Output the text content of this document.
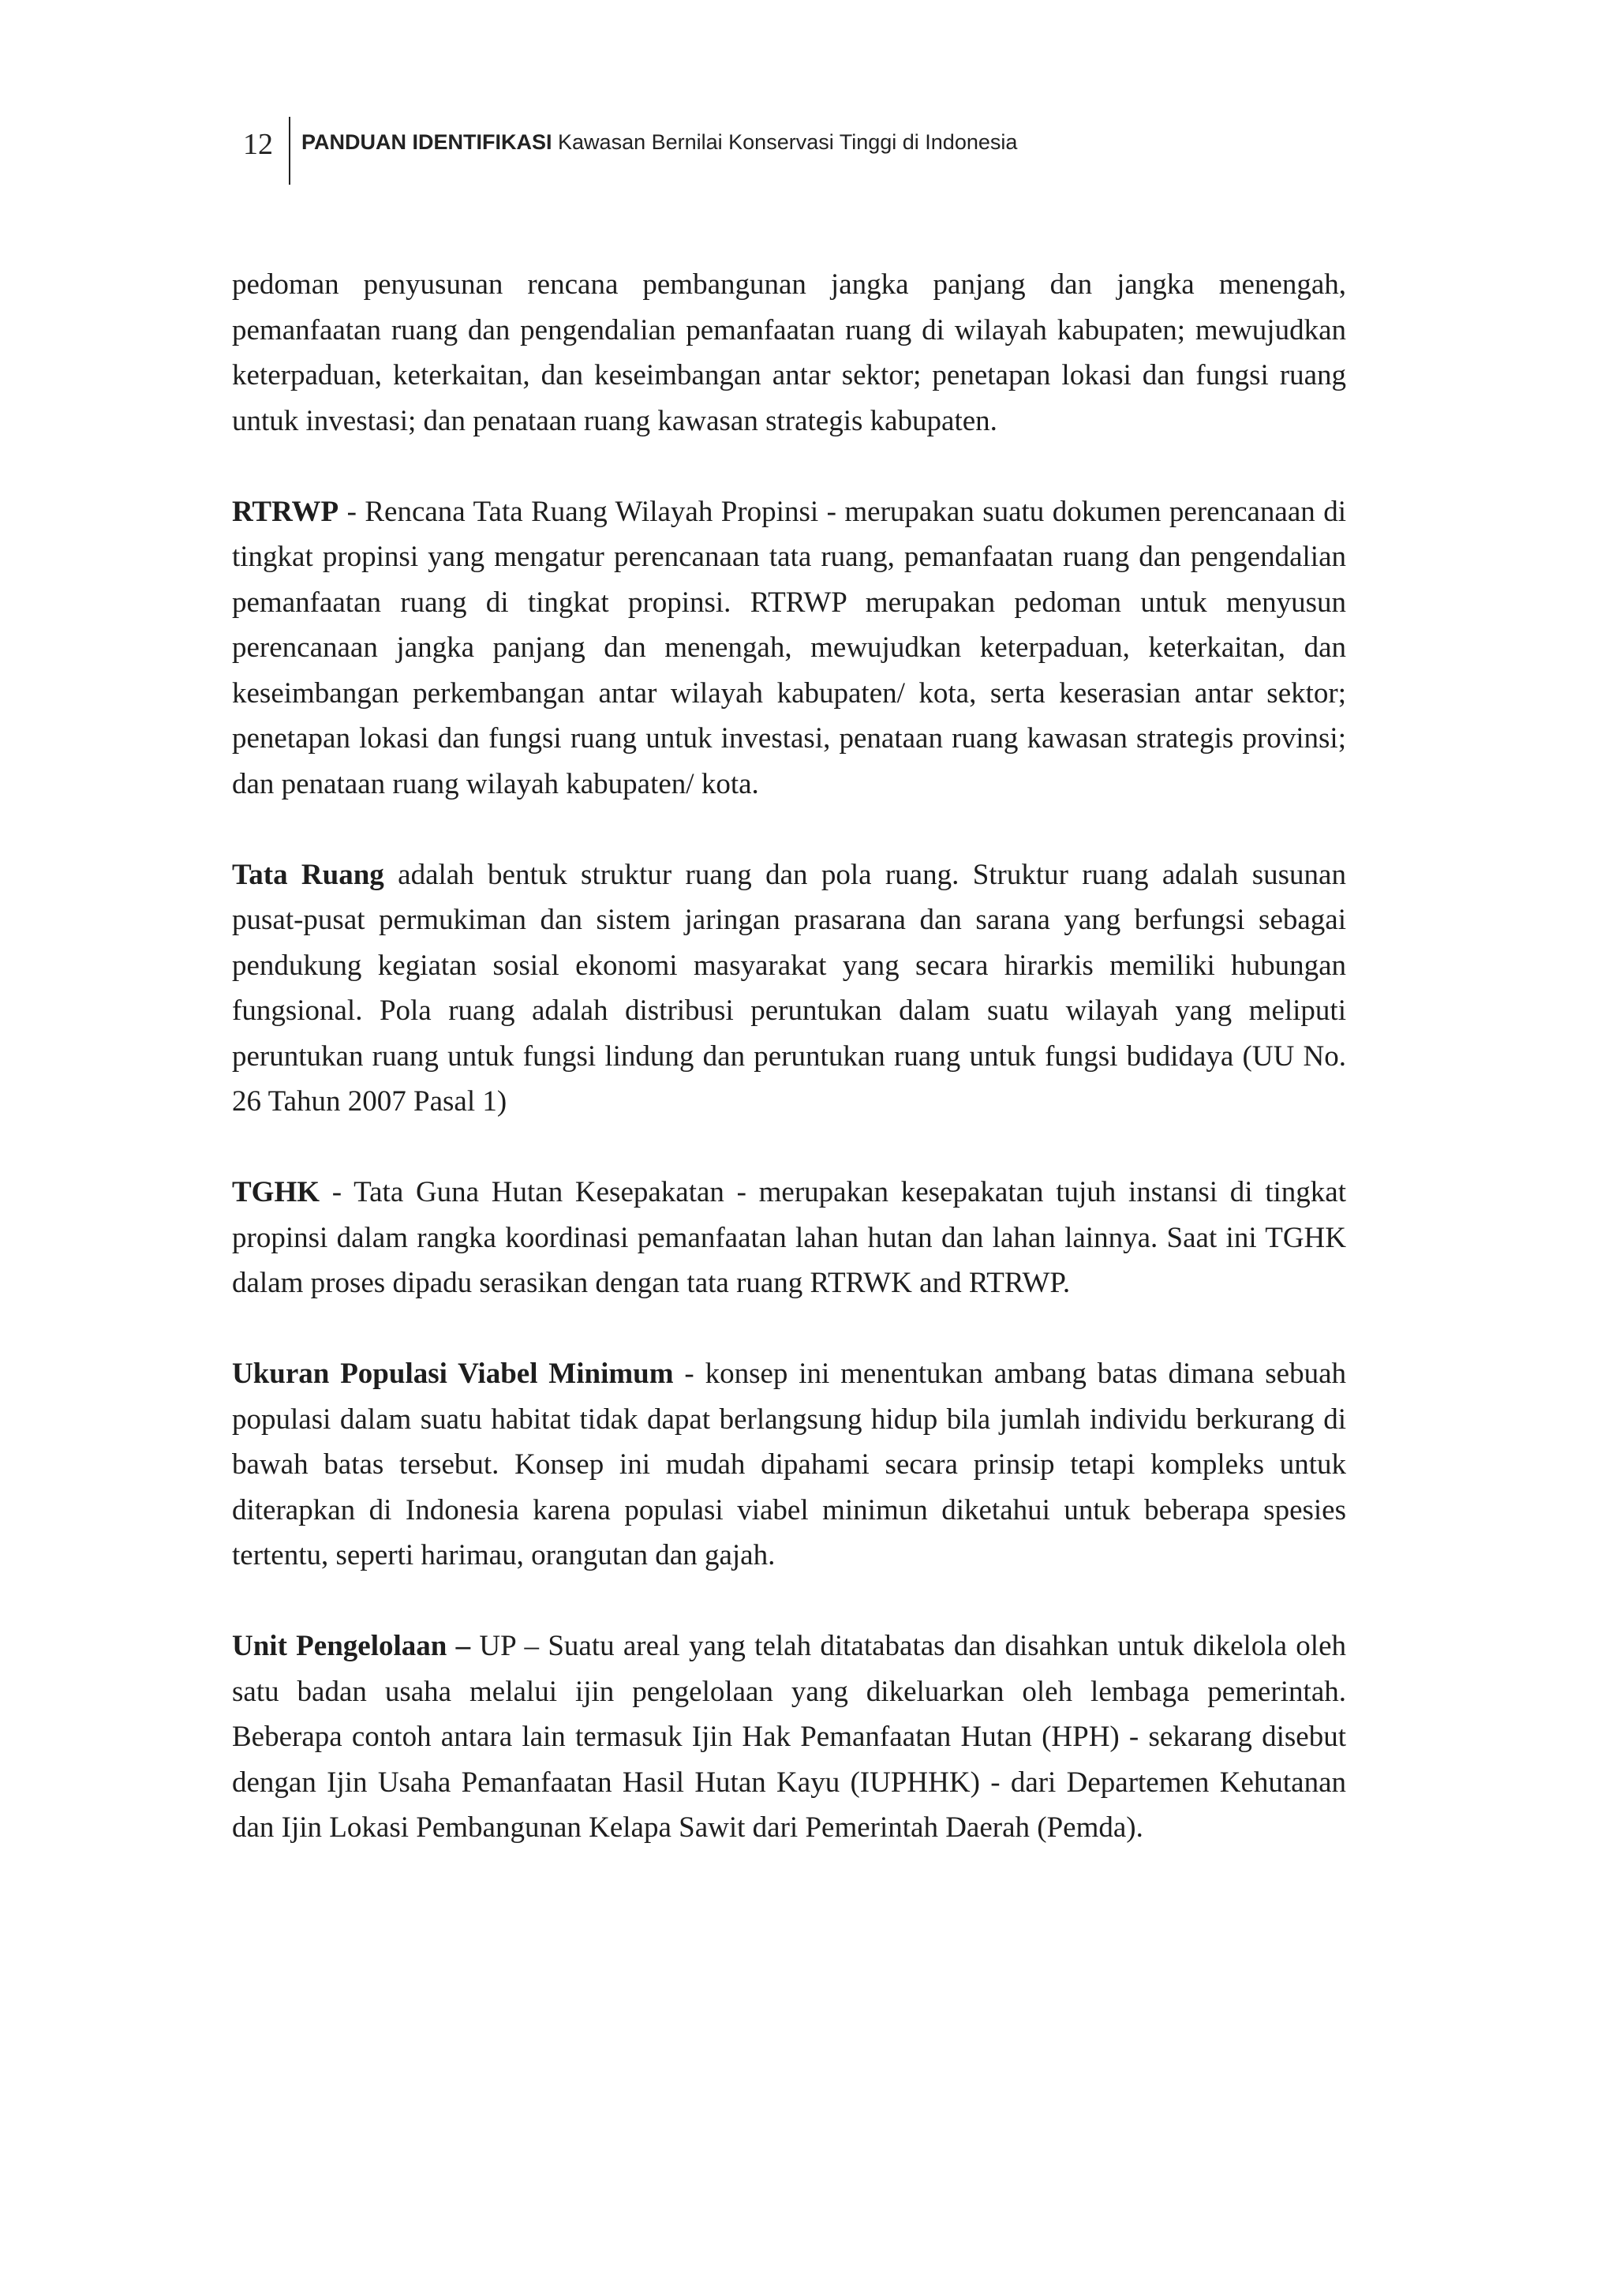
12 PANDUAN IDENTIFIKASI Kawasan Bernilai Konservasi Tinggi di Indonesia

pedoman penyusunan rencana pembangunan jangka panjang dan jangka menengah, pemanfaatan ruang dan pengendalian pemanfaatan ruang di wilayah kabupaten; mewujudkan keterpaduan, keterkaitan, dan keseimbangan antar sektor; penetapan lokasi dan fungsi ruang untuk investasi; dan penataan ruang kawasan strategis kabupaten.

RTRWP - Rencana Tata Ruang Wilayah Propinsi - merupakan suatu dokumen perencanaan di tingkat propinsi yang mengatur perencanaan tata ruang, pemanfaatan ruang dan pengendalian pemanfaatan ruang di tingkat propinsi. RTRWP merupakan pedoman untuk menyusun perencanaan jangka panjang dan menengah, mewujudkan keterpaduan, keterkaitan, dan keseimbangan perkembangan antar wilayah kabupaten/ kota, serta keserasian antar sektor; penetapan lokasi dan fungsi ruang untuk investasi, penataan ruang kawasan strategis provinsi; dan penataan ruang wilayah kabupaten/ kota.

Tata Ruang adalah bentuk struktur ruang dan pola ruang. Struktur ruang adalah susunan pusat-pusat permukiman dan sistem jaringan prasarana dan sarana yang berfungsi sebagai pendukung kegiatan sosial ekonomi masyarakat yang secara hirarkis memiliki hubungan fungsional. Pola ruang adalah distribusi peruntukan dalam suatu wilayah yang meliputi peruntukan ruang untuk fungsi lindung dan peruntukan ruang untuk fungsi budidaya (UU No. 26 Tahun 2007 Pasal 1)

TGHK - Tata Guna Hutan Kesepakatan - merupakan kesepakatan tujuh instansi di tingkat propinsi dalam rangka koordinasi pemanfaatan lahan hutan dan lahan lainnya. Saat ini TGHK dalam proses dipadu serasikan dengan tata ruang RTRWK and RTRWP.

Ukuran Populasi Viabel Minimum - konsep ini menentukan ambang batas dimana sebuah populasi dalam suatu habitat tidak dapat berlangsung hidup bila jumlah individu berkurang di bawah batas tersebut. Konsep ini mudah dipahami secara prinsip tetapi kompleks untuk diterapkan di Indonesia karena populasi viabel minimun diketahui untuk beberapa spesies tertentu, seperti harimau, orangutan dan gajah.

Unit Pengelolaan – UP – Suatu areal yang telah ditatabatas dan disahkan untuk dikelola oleh satu badan usaha melalui ijin pengelolaan yang dikeluarkan oleh lembaga pemerintah. Beberapa contoh antara lain termasuk Ijin Hak Pemanfaatan Hutan (HPH) - sekarang disebut dengan Ijin Usaha Pemanfaatan Hasil Hutan Kayu (IUPHHK) - dari Departemen Kehutanan dan Ijin Lokasi Pembangunan Kelapa Sawit dari Pemerintah Daerah (Pemda).
